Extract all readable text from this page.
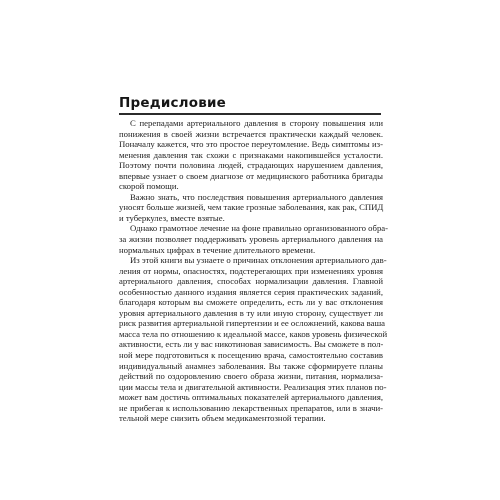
Предисловие
С перепадами артериального давления в сторону повышения или
понижения в своей жизни встречается практически каждый человек.
Поначалу кажется, что это простое переутомление. Ведь симптомы из-
менения давления так схожи с признаками накопившейся усталости.
Поэтому почти половина людей, страдающих нарушением давления,
впервые узнает о своем диагнозе от медицинского работника бригады
скорой помощи.
Важно знать, что последствия повышения артериального давления
уносят больше жизней, чем такие грозные заболевания, как рак, СПИД
и туберкулез, вместе взятые.
Однако грамотное лечение на фоне правильно организованного обра-
за жизни позволяет поддерживать уровень артериального давления на
нормальных цифрах в течение длительного времени.
Из этой книги вы узнаете о причинах отклонения артериального дав-
ления от нормы, опасностях, подстерегающих при изменениях уровня
артериального давления, способах нормализации давления. Главной
особенностью данного издания является серия практических заданий,
благодаря которым вы сможете определить, есть ли у вас отклонения
уровня артериального давления в ту или иную сторону, существует ли
риск развития артериальной гипертензии и ее осложнений, какова ваша
масса тела по отношению к идеальной массе, каков уровень физической
активности, есть ли у вас никотиновая зависимость. Вы сможете в пол-
ной мере подготовиться к посещению врача, самостоятельно составив
индивидуальный анамнез заболевания. Вы также сформируете планы
действий по оздоровлению своего образа жизни, питания, нормализа-
ции массы тела и двигательной активности. Реализация этих планов по-
может вам достичь оптимальных показателей артериального давления,
не прибегая к использованию лекарственных препаратов, или в значи-
тельной мере снизить объем медикаментозной терапии.
